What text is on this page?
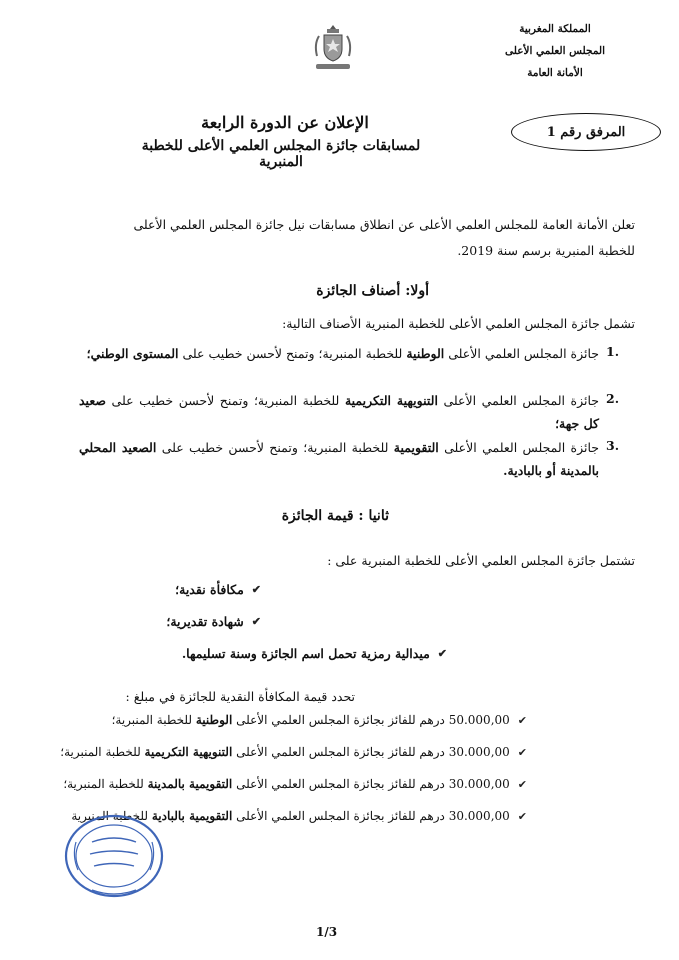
المملكة المغربية
المجلس العلمي الأعلى
الأمانة العامة
المرفق رقم 1
الإعلان عن الدورة الرابعة
لمسابقات جائزة المجلس العلمي الأعلى للخطبة المنبرية
تعلن الأمانة العامة للمجلس العلمي الأعلى عن انطلاق مسابقات نيل جائزة المجلس العلمي الأعلى
للخطبة المنبرية برسم سنة 2019.
أولا: أصناف الجائزة
تشمل جائزة المجلس العلمي الأعلى للخطبة المنبرية الأصناف التالية:
جائزة المجلس العلمي الأعلى الوطنية للخطبة المنبرية؛ وتمنح لأحسن خطيب على المستوى الوطني؛	1.
جائزة المجلس العلمي الأعلى التنويهية التكريمية للخطبة المنبرية؛ وتمنح لأحسن خطيب على صعيد كل جهة؛
2.
جائزة المجلس العلمي الأعلى التقويمية للخطبة المنبرية؛ وتمنح لأحسن خطيب على الصعيد المحلي بالمدينة أو بالبادية.
3.
ثانيا : قيمة الجائزة
تشتمل جائزة المجلس العلمي الأعلى للخطبة المنبرية على :
مكافأة نقدية؛ ✔
شهادة تقديرية؛ ✔
ميدالية رمزية تحمل اسم الجائزة وسنة تسليمها. ✔
تحدد قيمة المكافأة النقدية للجائزة في مبلغ :
50.000,00 درهم للفائز بجائزة المجلس العلمي الأعلى الوطنية للخطبة المنبرية؛	✔
30.000,00 درهم للفائز بجائزة المجلس العلمي الأعلى التنويهية التكريمية للخطبة المنبرية؛	✔
30.000,00 درهم للفائز بجائزة المجلس العلمي الأعلى التقويمية بالمدينة للخطبة المنبرية؛	✔
30.000,00 درهم للفائز بجائزة المجلس العلمي الأعلى التقويمية بالبادية للخطبة المنبرية	✔
1/3
